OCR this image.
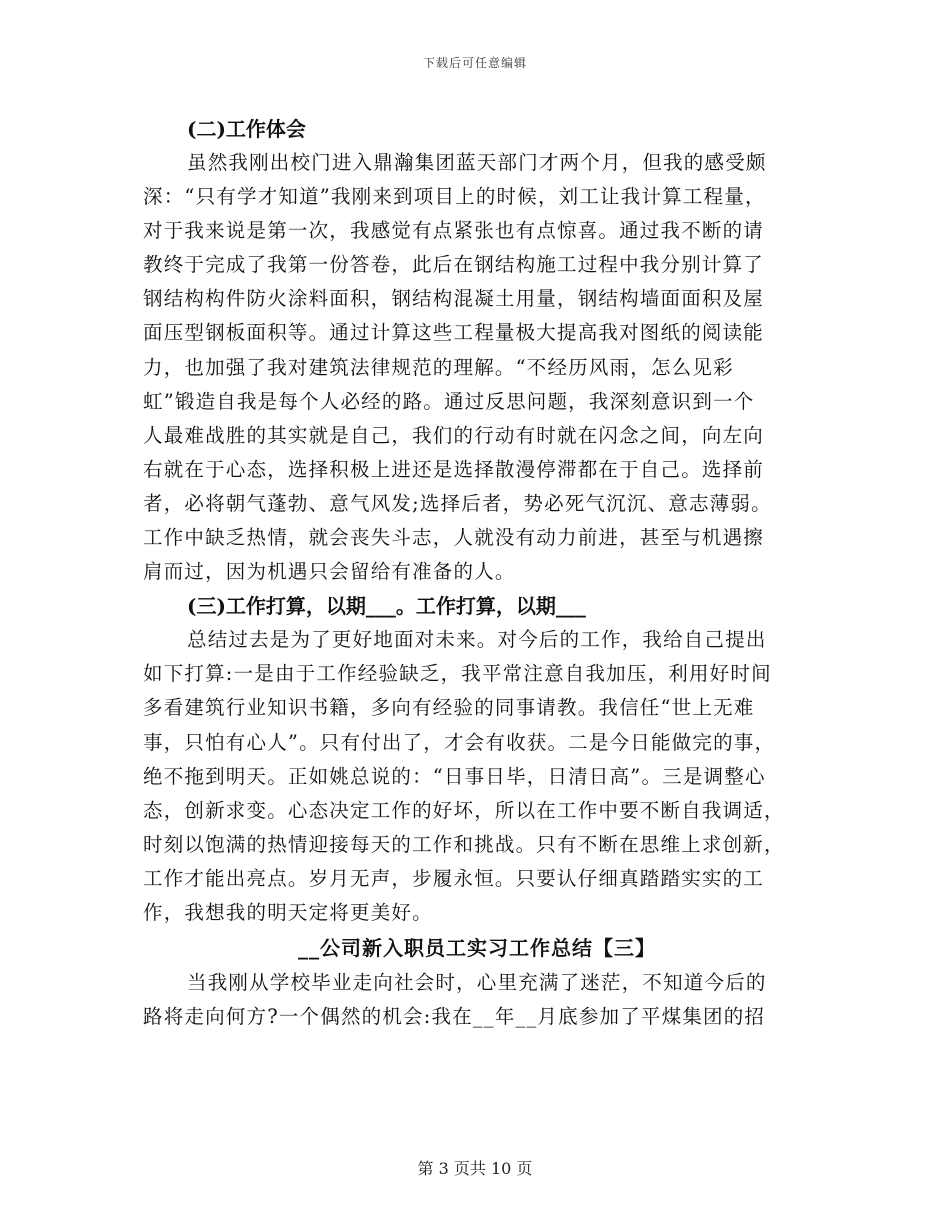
下载后可任意编辑
(二)工作体会
虽然我刚出校门进入鼎瀚集团蓝天部门才两个月，但我的感受颇
深：“只有学才知道”我刚来到项目上的时候，刘工让我计算工程量，
对于我来说是第一次，我感觉有点紧张也有点惊喜。通过我不断的请
教终于完成了我第一份答卷，此后在钢结构施工过程中我分别计算了
钢结构构件防火涂料面积，钢结构混凝土用量，钢结构墙面面积及屋
面压型钢板面积等。通过计算这些工程量极大提高我对图纸的阅读能
力，也加强了我对建筑法律规范的理解。“不经历风雨，怎么见彩
虹”锻造自我是每个人必经的路。通过反思问题，我深刻意识到一个
人最难战胜的其实就是自己，我们的行动有时就在闪念之间，向左向
右就在于心态，选择积极上进还是选择散漫停滞都在于自己。选择前
者，必将朝气蓬勃、意气风发;选择后者，势必死气沉沉、意志薄弱。
工作中缺乏热情，就会丧失斗志，人就没有动力前进，甚至与机遇擦
肩而过，因为机遇只会留给有准备的人。
(三)工作打算，以期___。工作打算，以期___
总结过去是为了更好地面对未来。对今后的工作，我给自己提出
如下打算:一是由于工作经验缺乏，我平常注意自我加压，利用好时间
多看建筑行业知识书籍，多向有经验的同事请教。我信任“世上无难
事，只怕有心人”。只有付出了，才会有收获。二是今日能做完的事，
绝不拖到明天。正如姚总说的：“日事日毕，日清日高”。三是调整心
态，创新求变。心态决定工作的好坏，所以在工作中要不断自我调适，
时刻以饱满的热情迎接每天的工作和挑战。只有不断在思维上求创新，
工作才能出亮点。岁月无声，步履永恒。只要认仔细真踏踏实实的工
作，我想我的明天定将更美好。
__公司新入职员工实习工作总结【三】
当我刚从学校毕业走向社会时，心里充满了迷茫，不知道今后的
路将走向何方?一个偶然的机会:我在__年__月底参加了平煤集团的招
第 3 页共 10 页
